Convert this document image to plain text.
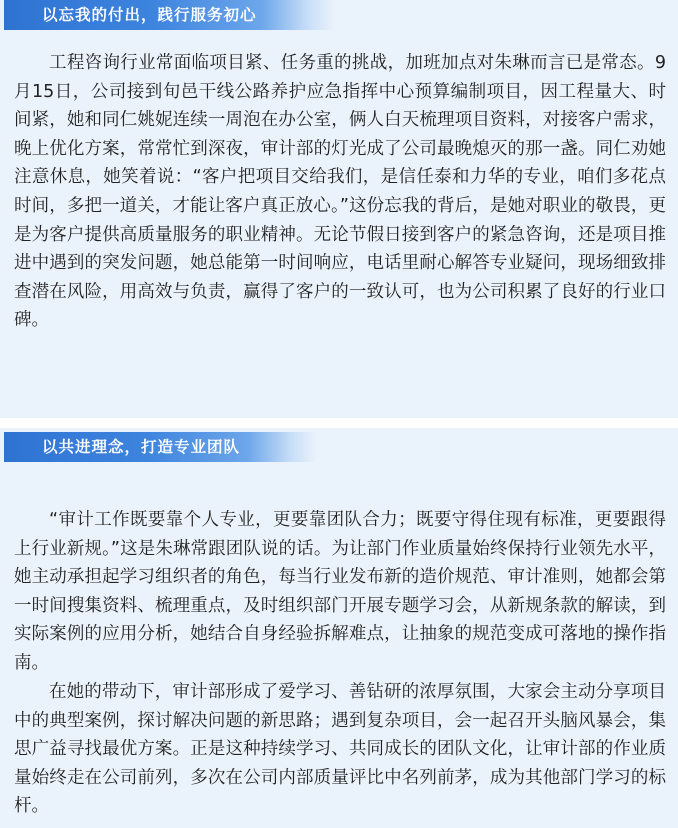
以忘我的付出，践行服务初心

工程咨询行业常面临项目紧、任务重的挑战，加班加点对朱琳而言已是常态。9月15日，公司接到旬邑干线公路养护应急指挥中心预算编制项目，因工程量大、时间紧，她和同仁姚妮连续一周泡在办公室，俩人白天梳理项目资料，对接客户需求，晚上优化方案，常常忙到深夜，审计部的灯光成了公司最晚熄灭的那一盏。同仁劝她注意休息，她笑着说：“客户把项目交给我们，是信任泰和力华的专业，咱们多花点时间，多把一道关，才能让客户真正放心。”这份忘我的背后，是她对职业的敬畏，更是为客户提供高质量服务的职业精神。无论节假日接到客户的紧急咨询，还是项目推进中遇到的突发问题，她总能第一时间响应，电话里耐心解答专业疑问，现场细致排查潜在风险，用高效与负责，赢得了客户的一致认可，也为公司积累了良好的行业口碑。

以共进理念，打造专业团队

“审计工作既要靠个人专业，更要靠团队合力；既要守得住现有标准，更要跟得上行业新规。”这是朱琳常跟团队说的话。为让部门作业质量始终保持行业领先水平，她主动承担起学习组织者的角色，每当行业发布新的造价规范、审计准则，她都会第一时间搜集资料、梳理重点，及时组织部门开展专题学习会，从新规条款的解读，到实际案例的应用分析，她结合自身经验拆解难点，让抽象的规范变成可落地的操作指南。

在她的带动下，审计部形成了爱学习、善钻研的浓厚氛围，大家会主动分享项目中的典型案例，探讨解决问题的新思路；遇到复杂项目，会一起召开头脑风暴会，集思广益寻找最优方案。正是这种持续学习、共同成长的团队文化，让审计部的作业质量始终走在公司前列，多次在公司内部质量评比中名列前茅，成为其他部门学习的标杆。
